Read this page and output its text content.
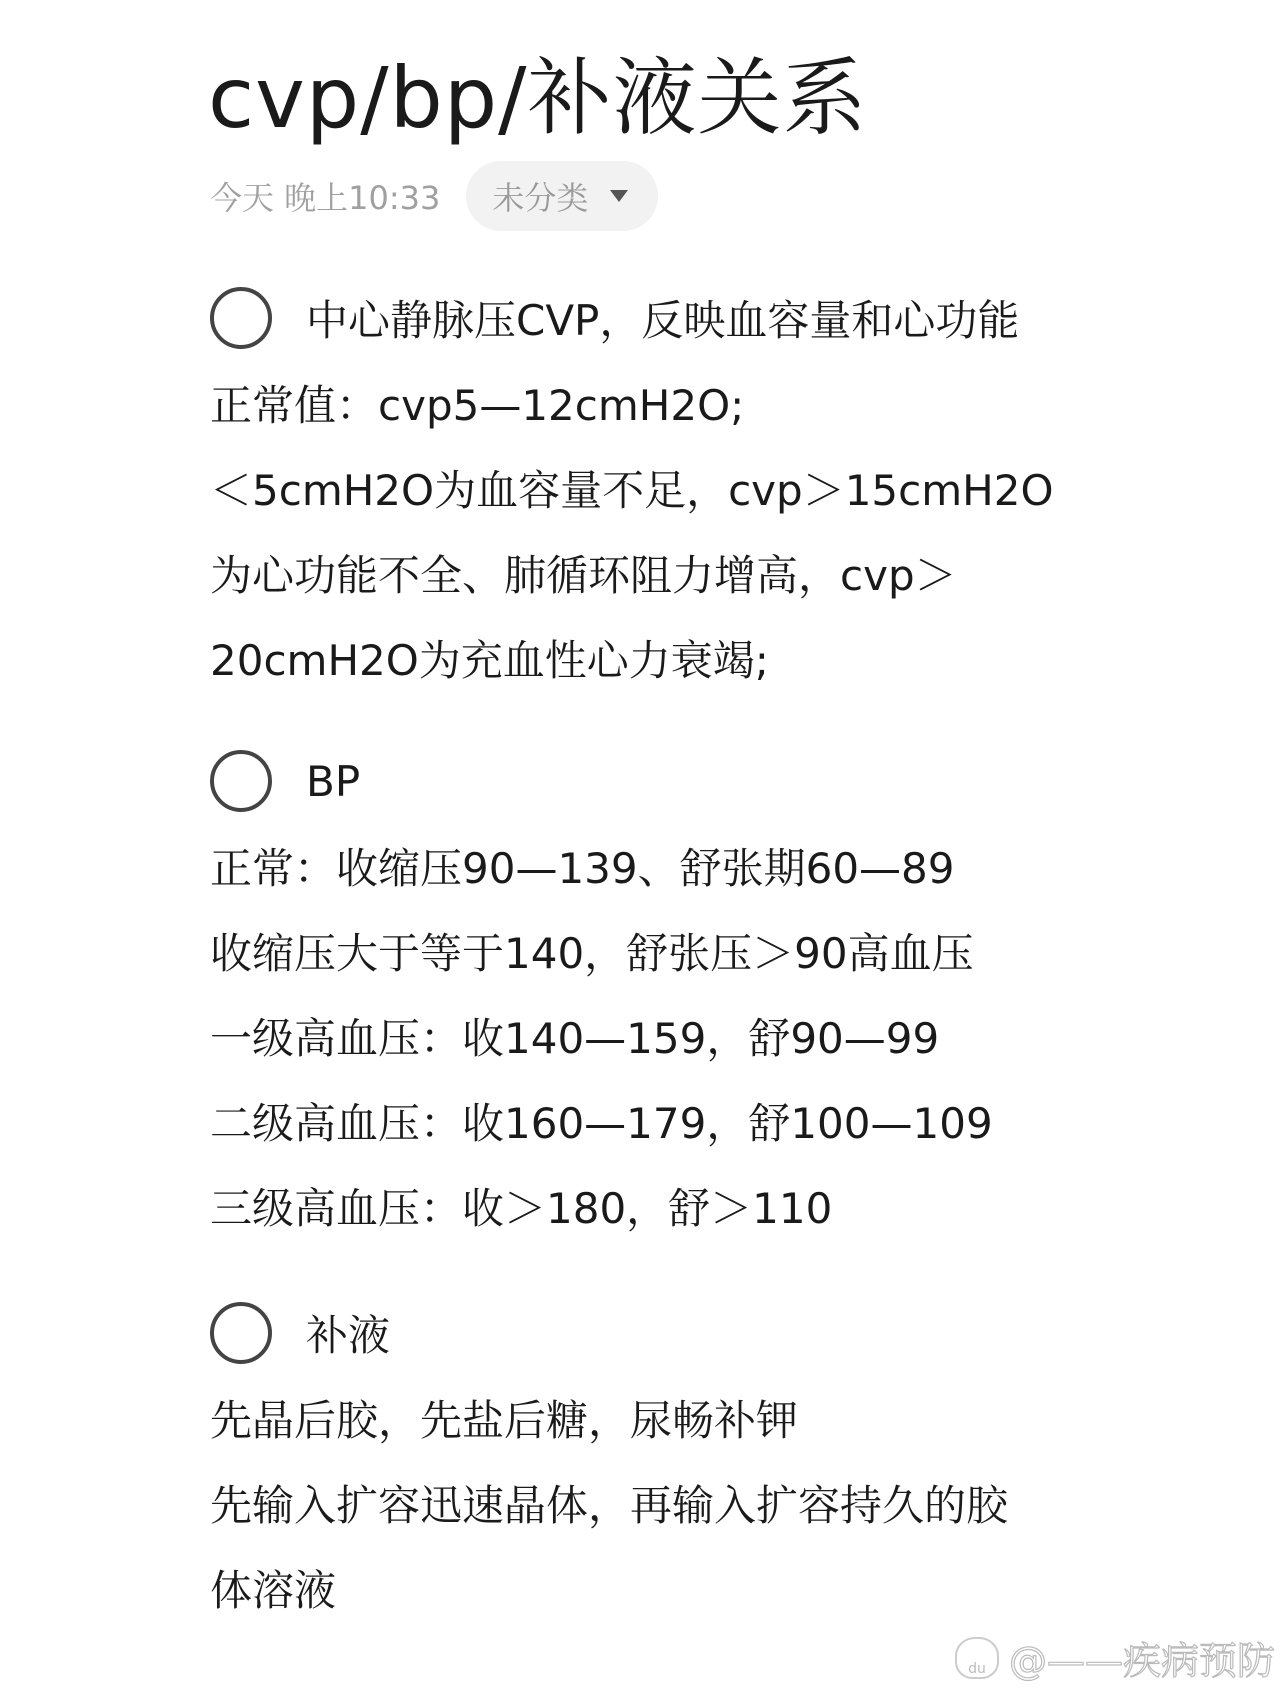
cvp/bp/补液关系
今天 晚上10:33 未分类
中心静脉压CVP，反映血容量和心功能
正常值：cvp5—12cmH2O;
＜5cmH2O为血容量不足，cvp＞15cmH2O
为心功能不全、肺循环阻力增高，cvp＞
20cmH2O为充血性心力衰竭;
BP
正常：收缩压90—139、舒张期60—89
收缩压大于等于140，舒张压＞90高血压
一级高血压：收140—159，舒90—99
二级高血压：收160—179，舒100—109
三级高血压：收＞180，舒＞110
补液
先晶后胶，先盐后糖，尿畅补钾
先输入扩容迅速晶体，再输入扩容持久的胶
体溶液
du @——疾病预防
